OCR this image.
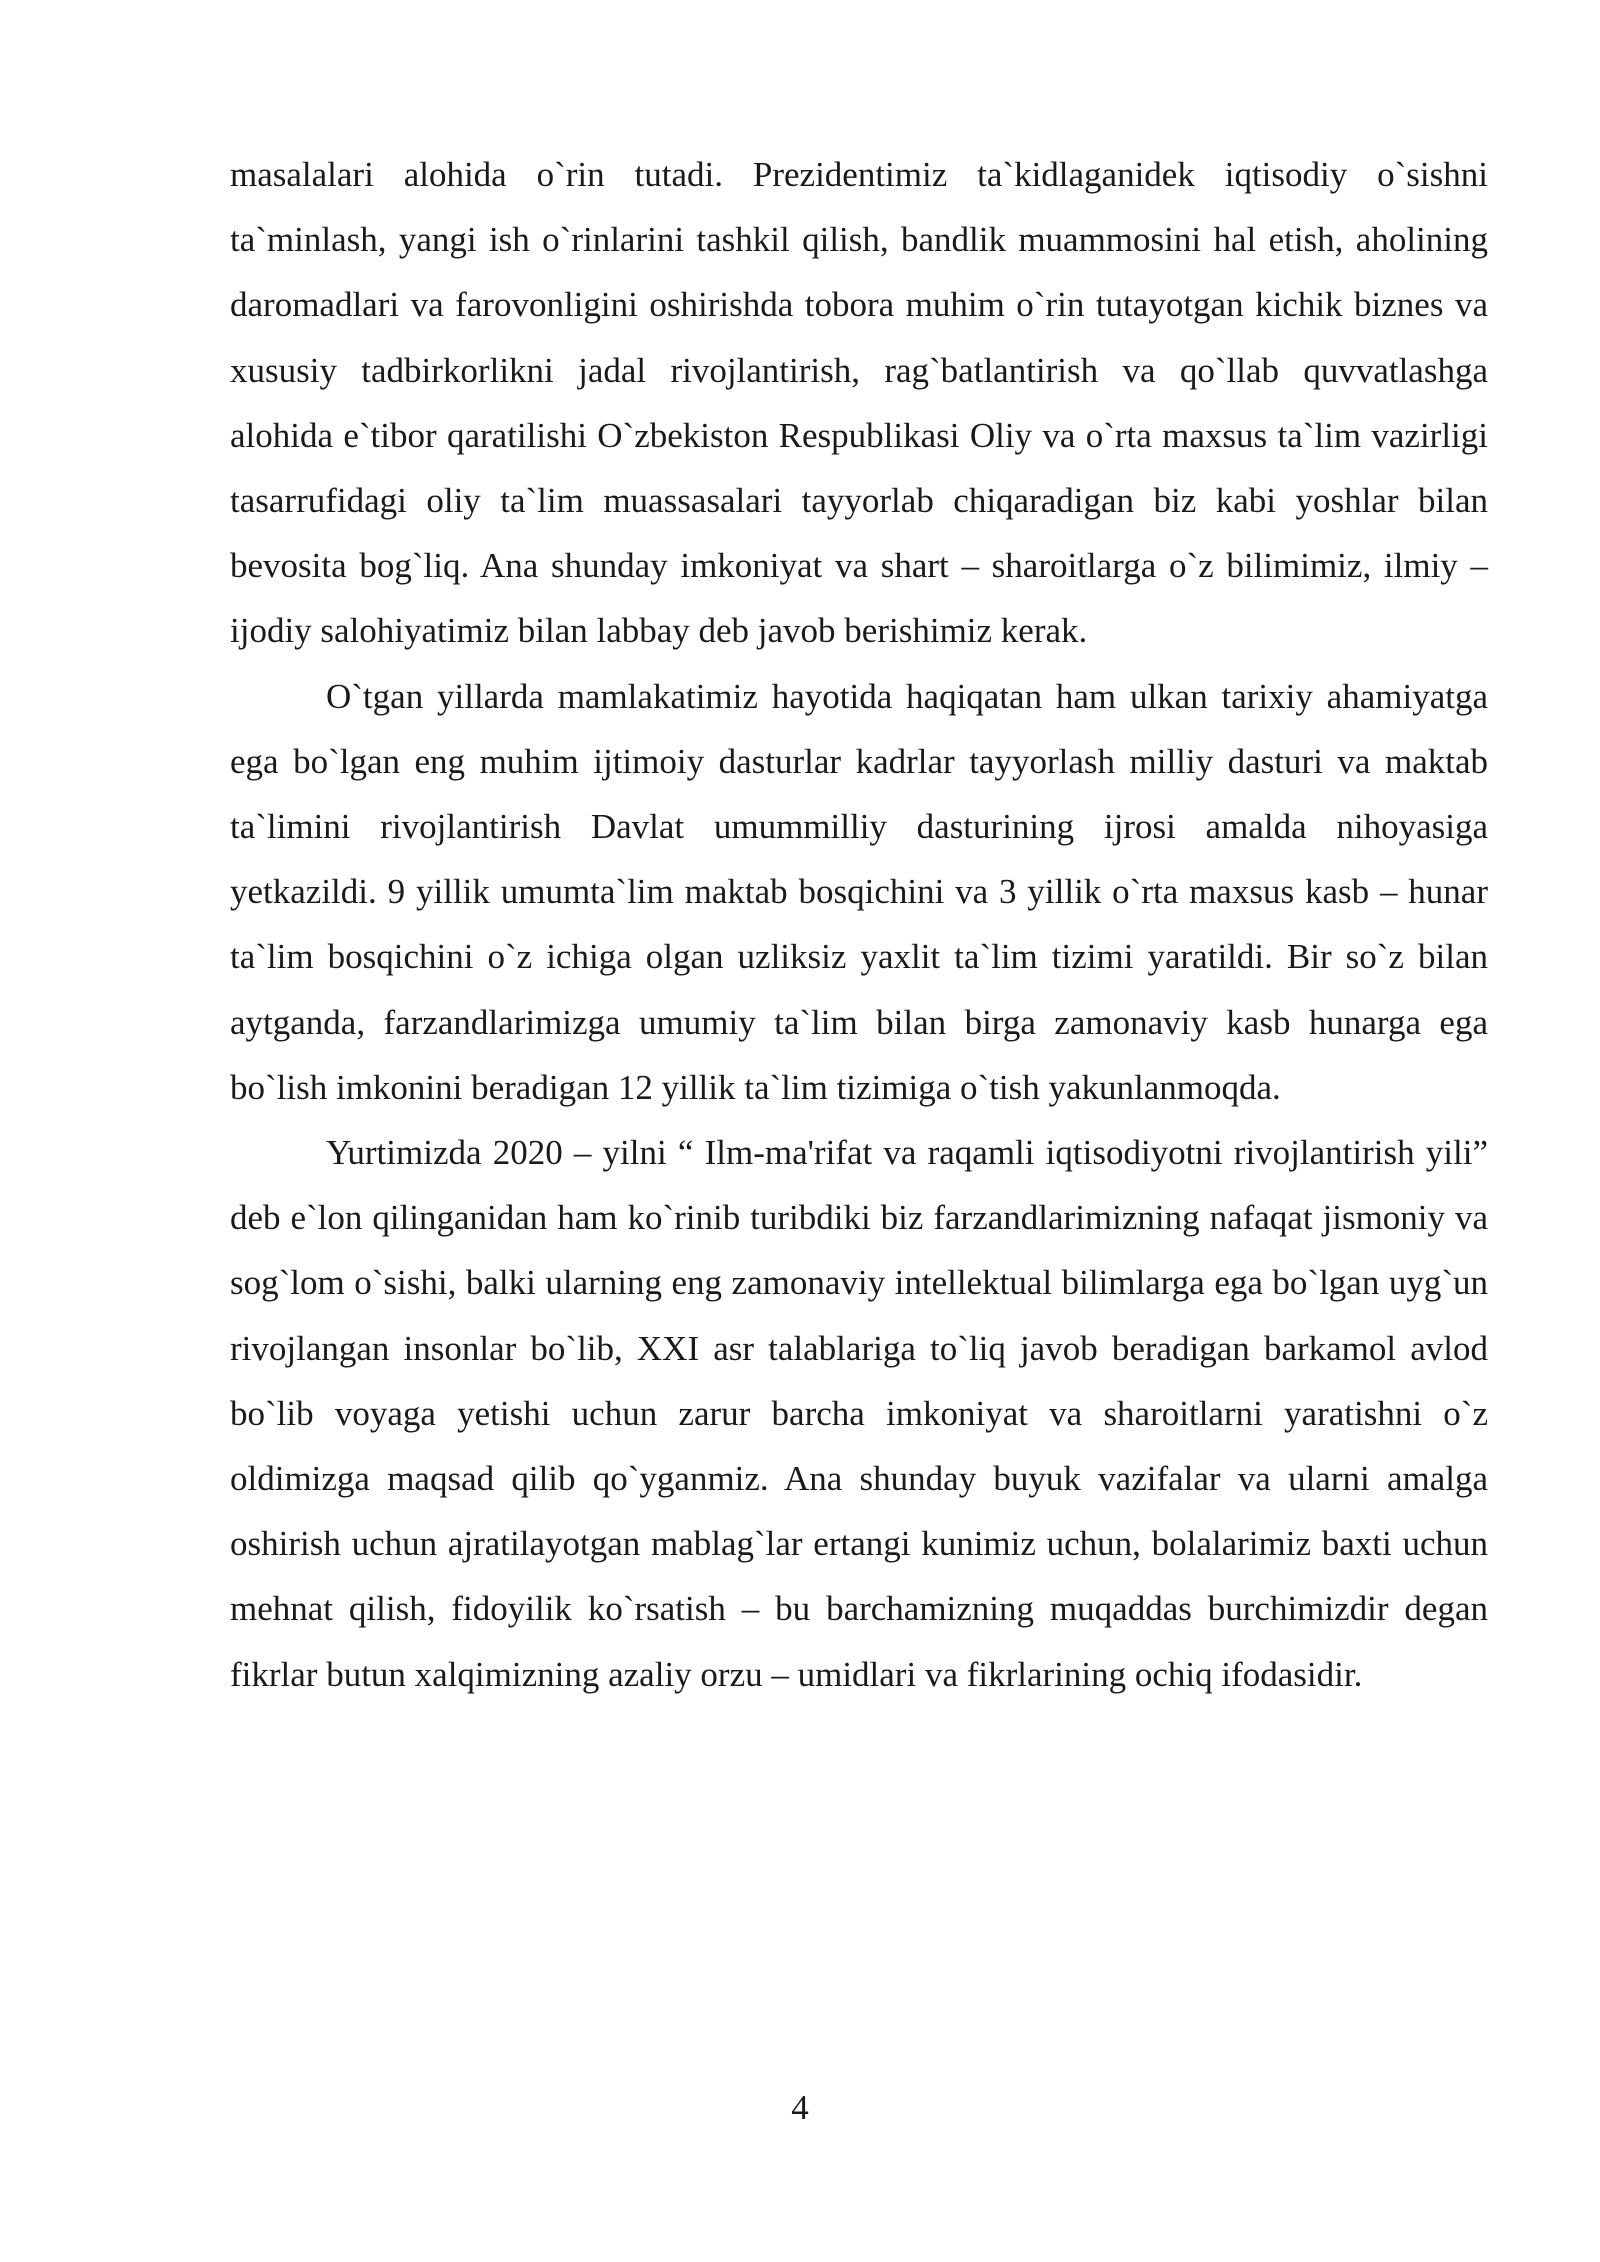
masalalari alohida o`rin tutadi. Prezidentimiz ta`kidlaganidek iqtisodiy o`sishni ta`minlash, yangi ish o`rinlarini tashkil qilish, bandlik muammosini hal etish, aholining daromadlari va farovonligini oshirishda tobora muhim o`rin tutayotgan kichik biznes va xususiy tadbirkorlikni jadal rivojlantirish, rag`batlantirish va qo`llab quvvatlashga alohida e`tibor qaratilishi O`zbekiston Respublikasi Oliy va o`rta maxsus ta`lim vazirligi tasarrufidagi oliy ta`lim muassasalari tayyorlab chiqaradigan biz kabi yoshlar bilan bevosita bog`liq. Ana shunday imkoniyat va shart – sharoitlarga o`z bilimimiz, ilmiy – ijodiy salohiyatimiz bilan labbay deb javob berishimiz kerak.

O`tgan yillarda mamlakatimiz hayotida haqiqatan ham ulkan tarixiy ahamiyatga ega bo`lgan eng muhim ijtimoiy dasturlar kadrlar tayyorlash milliy dasturi va maktab ta`limini rivojlantirish Davlat umummilliy dasturining ijrosi amalda nihoyasiga yetkazildi. 9 yillik umumta`lim maktab bosqichini va 3 yillik o`rta maxsus kasb – hunar ta`lim bosqichini o`z ichiga olgan uzliksiz yaxlit ta`lim tizimi yaratildi. Bir so`z bilan aytganda, farzandlarimizga umumiy ta`lim bilan birga zamonaviy kasb hunarga ega bo`lish imkonini beradigan 12 yillik ta`lim tizimiga o`tish yakunlanmoqda.

Yurtimizda 2020 – yilni “ Ilm-ma'rifat va raqamli iqtisodiyotni rivojlantirish yili” deb e`lon qilinganidan ham ko`rinib turibdiki biz farzandlarimizning nafaqat jismoniy va sog`lom o`sishi, balki ularning eng zamonaviy intellektual bilimlarga ega bo`lgan uyg`un rivojlangan insonlar bo`lib, XXI asr talablariga to`liq javob beradigan barkamol avlod bo`lib voyaga yetishi uchun zarur barcha imkoniyat va sharoitlarni yaratishni o`z oldimizga maqsad qilib qo`yganmiz. Ana shunday buyuk vazifalar va ularni amalga oshirish uchun ajratilayotgan mablag`lar ertangi kunimiz uchun, bolalarimiz baxti uchun mehnat qilish, fidoyilik ko`rsatish – bu barchamizning muqaddas burchimizdir degan fikrlar butun xalqimizning azaliy orzu – umidlari va fikrlarining ochiq ifodasidir.

4
